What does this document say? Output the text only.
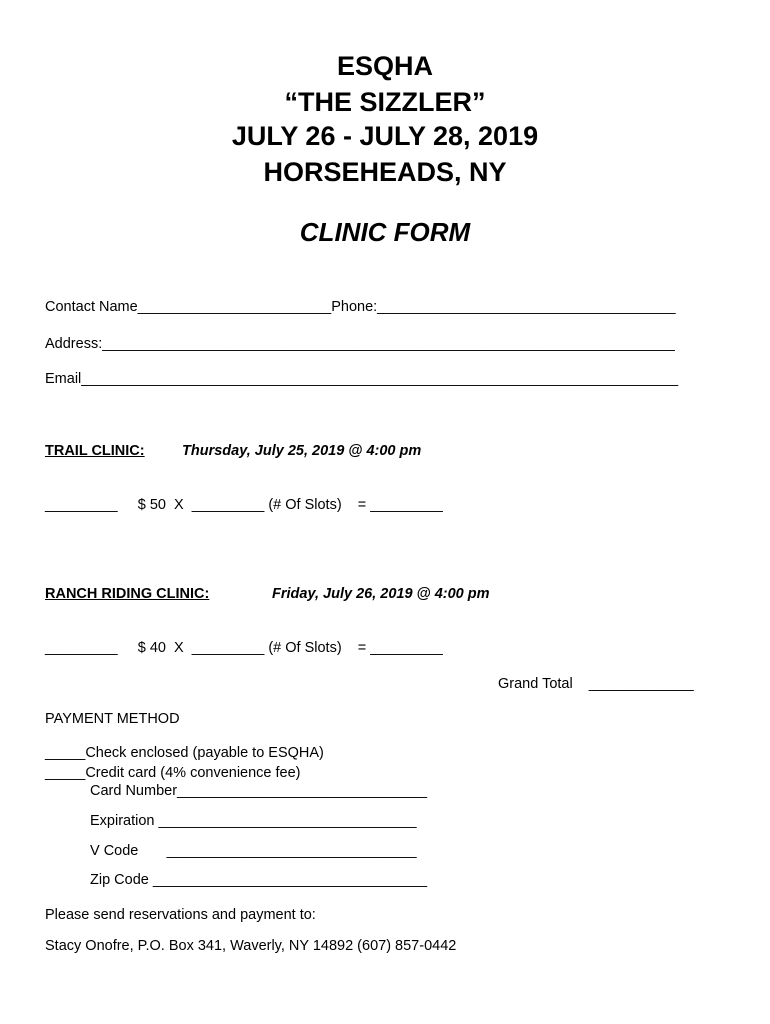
ESQHA
“THE SIZZLER”
JULY 26 - JULY 28, 2019
HORSEHEADS, NY
CLINIC FORM
Contact Name________________________Phone:_____________________________________
Address:_______________________________________________________________________
Email__________________________________________________________________________
TRAIL CLINIC:	Thursday, July 25, 2019 @ 4:00 pm
_________     $ 50  X  _________ (# Of Slots)    = _________
RANCH RIDING CLINIC:	Friday, July 26, 2019 @ 4:00 pm
_________     $ 40  X  _________ (# Of Slots)    = _________
Grand Total    _____________
PAYMENT METHOD
_____Check enclosed (payable to ESQHA)
_____Credit card (4% convenience fee)
Card Number_______________________________
Expiration ________________________________
V Code       _______________________________
Zip Code __________________________________
Please send reservations and payment to:
Stacy Onofre, P.O. Box 341, Waverly, NY 14892 (607) 857-0442
